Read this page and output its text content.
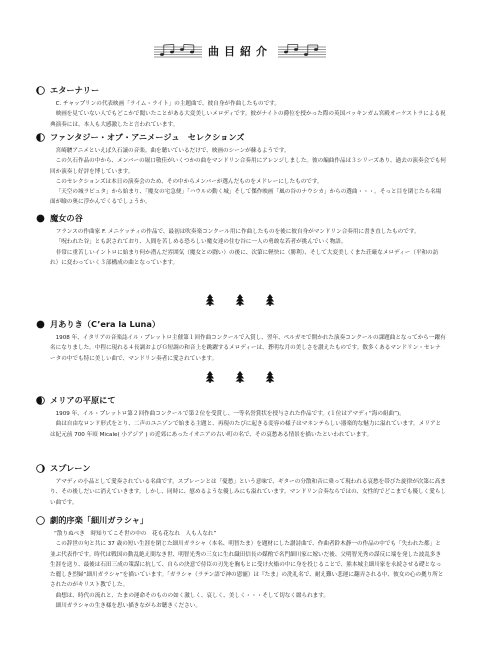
曲目紹介
エターナリー

C. チャップリンの代表映画「ライム・ライト」の主題曲で、彼自身が作曲したものです。

映画を見ていない人でもどこかで聞いたことがある大変美しいメロディです。彼がナイトの爵位を授かった際の英国バッキンガム宮殿オーケストラによる祝典演奏には、本人も大感激したと言われています。

ファンタジー・オブ・アニメージュ　セレクションズ

宮崎駿アニメといえば久石譲の音楽。曲を聴いているだけで、映画のシーンが蘇るようです。

この久石作品の中から、メンバーの堀口敬佳がいくつかの曲をマンドリン合奏用にアレンジしました。彼の編曲作品は３シリーズあり、過去の演奏会でも何回か演奏し好評を博しています。

このセレクションズは本日の演奏会のため、その中からメンバーが選んだものをメドレーにしたものです。

「天空の城ラピュタ」から始まり、「魔女の宅急便」「ハウルの動く城」そして傑作映画「風の谷のナウシカ」からの選曲・・・。そっと目を閉じたら名場面が瞼の奥に浮かんでくるでしょうか。

魔女の谷

フランスの作曲家 F. メニケッティの作品で、最初は吹奏楽コンクール用に作曲したものを後に彼自身がマンドリン合奏用に書き直したものです。

「呪われた谷」とも訳されており、人間を苦しめる恐ろしい魔女達の住む谷に一人の勇敢な若者が挑んでいく物語。

非常に重苦しいイントロに始まり何か潜んだ雰囲気（魔女との闘い）の後に、次第に軽快に（勝利）、そして大変美しくまた荘厳なメロディー（平和の訪れ）に変わっていく３部構成の曲となっています。

月ありき（C’era la Luna）

1908 年、イタリアの音楽誌イル・プレットロ主催第１回作曲コンクールで入賞し、翌年、ペルガモで開かれた演奏コンクールの課題曲となってから一躍有名になりました。中程に現れる４長調およびＧ短調の和音上を跳躍するメロディーは、蒼明な月の美しさを讃えたものです。数多くあるマンドリン・セレナータの中でも特に美しい曲で、マンドリン奏者に愛されています。

メリアの平原にて

1909 年、イル・プレットロ第２回作曲コンクールで第２位を受賞し、一等名誉賞状を授与された作品です。(１位はアマディ“海の組曲”)。

曲は自由なロンド形式をとり、二声のユニゾンで始まる主題と、再現のたびに起きる変容の様子はマネンテらしい器楽的な魅力に溢れています。メリアとは紀元前 700 年頃 Micale( 小アジア ) の近郊にあったイオニアの古い町の名で、その哀愁ある情景を描いたといわれています。

スプレーン

アマディの小品として愛奏されている名曲です。スプレーンとは「憂愁」という意味で、ギターの分散和音に乗って現われる哀愁を帯びた旋律が次第に高まり、その後しだいに消えていきます。しかし、同時に、慰めるような優しみにも溢れています。マンドリン合奏ならではの、女性的でどこまでも優しく愛らしい曲です。

劇的序楽「細川ガラシャ」

“散りぬべき　時知りてこそ世の中の　花も花なれ　人も人なれ”

この辞世の句と共に 37 歳の短い生涯を閉じた細川ガラシャ（本名、明智たま）を題材にした讃詩曲で、作曲者鈴木静一の作品の中でも「失われた都」と並ぶ代表作です。時代は戦国の動乱絶え間なき世、明智光秀の三女に生れ織田信長の媒酌で名門細川家に嫁いだ後、父明智光秀の謀反に端を発した波乱多き生涯を送り、最後は石田三成の策謀に抗して、自らの決意で侍臣の刃先を胸もとに受け火焔の中に身を投じることで、熊本城主細川家を永続させる礎となった麗しき烈婦“細川ガラシャ”を描いています。「ガラシャ（ラテン語で神の恩寵）は『たま』の洗礼名で、耐え難い悲運に翻弄される中、彼女の心の拠り所とされたのがキリスト教でした。

曲想は、時代の流れと、たまの運命そのものの如く激しく、哀しく、美しく・・・そして切なく綴られます。

細川ガラシャの生き様を思い描きながらお聴きください。
